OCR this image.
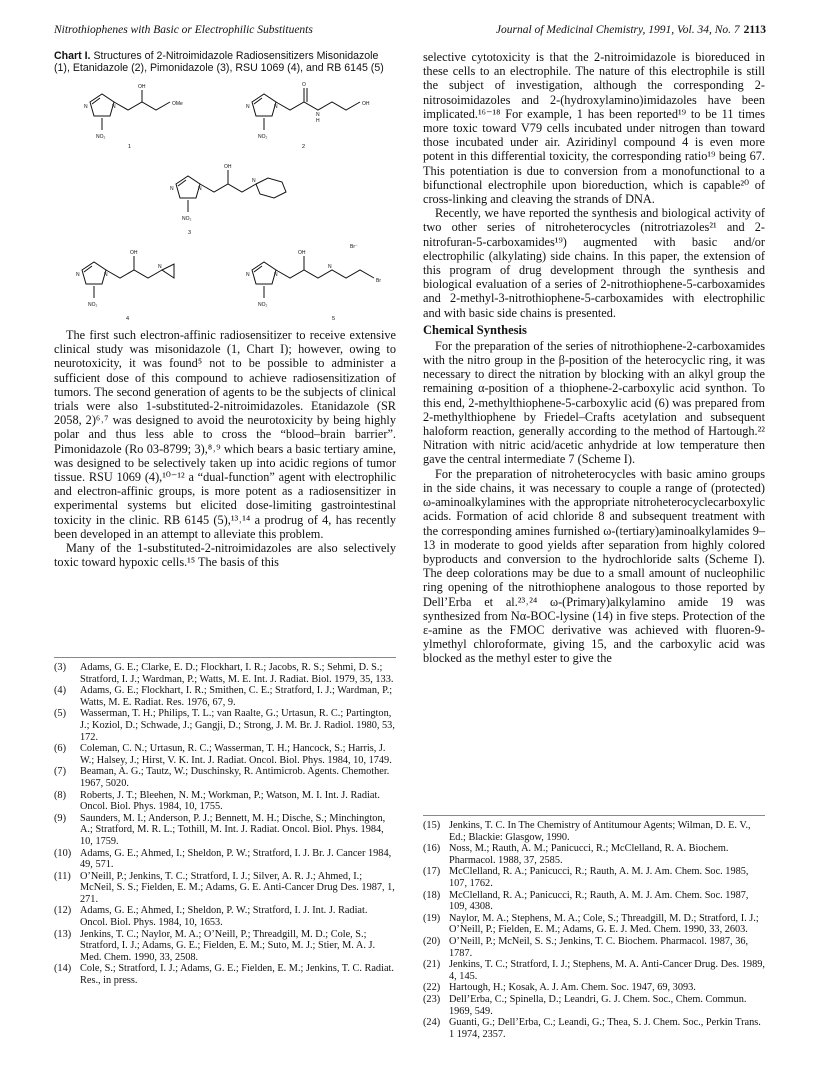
Nitrothiophenes with Basic or Electrophilic Substituents	Journal of Medicinal Chemistry, 1991, Vol. 34, No. 7 2113

Chart I. Structures of 2-Nitroimidazole Radiosensitizers Misonidazole (1), Etanidazole (2), Pimonidazole (3), RSU 1069 (4), and RB 6145 (5)

N	N
NO₂
OH
OMe
1
N	N
NO₂
O
N
H
OH
2
N	N
NO₂
OH
N
3
N	N
NO₂
OH
N
4
N	N
NO₂
OH
N
Br⁻
Br
5

The first such electron-affinic radiosensitizer to receive extensive clinical study was misonidazole (1, Chart I); however, owing to neurotoxicity, it was found⁵ not to be possible to administer a sufficient dose of this compound to achieve radiosensitization of tumors. The second generation of agents to be the subjects of clinical trials were also 1-substituted-2-nitroimidazoles. Etanidazole (SR 2058, 2)⁶˒⁷ was designed to avoid the neurotoxicity by being highly polar and thus less able to cross the “blood–brain barrier”. Pimonidazole (Ro 03-8799; 3),⁸˒⁹ which bears a basic tertiary amine, was designed to be selectively taken up into acidic regions of tumor tissue. RSU 1069 (4),¹⁰⁻¹² a “dual-function” agent with electrophilic and electron-affinic groups, is more potent as a radiosensitizer in experimental systems but elicited dose-limiting gastrointestinal toxicity in the clinic. RB 6145 (5),¹³˒¹⁴ a prodrug of 4, has recently been developed in an attempt to alleviate this problem.

Many of the 1-substituted-2-nitroimidazoles are also selectively toxic toward hypoxic cells.¹⁵ The basis of this

(3) Adams, G. E.; Clarke, E. D.; Flockhart, I. R.; Jacobs, R. S.; Sehmi, D. S.; Stratford, I. J.; Wardman, P.; Watts, M. E. Int. J. Radiat. Biol. 1979, 35, 133.

(4) Adams, G. E.; Flockhart, I. R.; Smithen, C. E.; Stratford, I. J.; Wardman, P.; Watts, M. E. Radiat. Res. 1976, 67, 9.

(5) Wasserman, T. H.; Philips, T. L.; van Raalte, G.; Urtasun, R. C.; Partington, J.; Koziol, D.; Schwade, J.; Gangji, D.; Strong, J. M. Br. J. Radiol. 1980, 53, 172.

(6) Coleman, C. N.; Urtasun, R. C.; Wasserman, T. H.; Hancock, S.; Harris, J. W.; Halsey, J.; Hirst, V. K. Int. J. Radiat. Oncol. Biol. Phys. 1984, 10, 1749.

(7) Beaman, A. G.; Tautz, W.; Duschinsky, R. Antimicrob. Agents. Chemother. 1967, 5020.

(8) Roberts, J. T.; Bleehen, N. M.; Workman, P.; Watson, M. I. Int. J. Radiat. Oncol. Biol. Phys. 1984, 10, 1755.

(9) Saunders, M. I.; Anderson, P. J.; Bennett, M. H.; Dische, S.; Minchington, A.; Stratford, M. R. L.; Tothill, M. Int. J. Radiat. Oncol. Biol. Phys. 1984, 10, 1759.

(10) Adams, G. E.; Ahmed, I.; Sheldon, P. W.; Stratford, I. J. Br. J. Cancer 1984, 49, 571.

(11) O’Neill, P.; Jenkins, T. C.; Stratford, I. J.; Silver, A. R. J.; Ahmed, I.; McNeil, S. S.; Fielden, E. M.; Adams, G. E. Anti-Cancer Drug Des. 1987, 1, 271.

(12) Adams, G. E.; Ahmed, I.; Sheldon, P. W.; Stratford, I. J. Int. J. Radiat. Oncol. Biol. Phys. 1984, 10, 1653.

(13) Jenkins, T. C.; Naylor, M. A.; O’Neill, P.; Threadgill, M. D.; Cole, S.; Stratford, I. J.; Adams, G. E.; Fielden, E. M.; Suto, M. J.; Stier, M. A. J. Med. Chem. 1990, 33, 2508.

(14) Cole, S.; Stratford, I. J.; Adams, G. E.; Fielden, E. M.; Jenkins, T. C. Radiat. Res., in press.

selective cytotoxicity is that the 2-nitroimidazole is bioreduced in these cells to an electrophile. The nature of this electrophile is still the subject of investigation, although the corresponding 2-nitrosoimidazoles and 2-(hydroxylamino)imidazoles have been implicated.¹⁶⁻¹⁸ For example, 1 has been reported¹⁹ to be 11 times more toxic toward V79 cells incubated under nitrogen than toward those incubated under air. Aziridinyl compound 4 is even more potent in this differential toxicity, the corresponding ratio¹⁹ being 67. This potentiation is due to conversion from a monofunctional to a bifunctional electrophile upon bioreduction, which is capable²⁰ of cross-linking and cleaving the strands of DNA.

Recently, we have reported the synthesis and biological activity of two other series of nitroheterocycles (nitrotriazoles²¹ and 2-nitrofuran-5-carboxamides¹⁹) augmented with basic and/or electrophilic (alkylating) side chains. In this paper, the extension of this program of drug development through the synthesis and biological evaluation of a series of 2-nitrothiophene-5-carboxamides and 2-methyl-3-nitrothiophene-5-carboxamides with electrophilic and with basic side chains is presented.

Chemical Synthesis

For the preparation of the series of nitrothiophene-2-carboxamides with the nitro group in the β-position of the heterocyclic ring, it was necessary to direct the nitration by blocking with an alkyl group the remaining α-position of a thiophene-2-carboxylic acid synthon. To this end, 2-methylthiophene-5-carboxylic acid (6) was prepared from 2-methylthiophene by Friedel–Crafts acetylation and subsequent haloform reaction, generally according to the method of Hartough.²² Nitration with nitric acid/acetic anhydride at low temperature then gave the central intermediate 7 (Scheme I).

For the preparation of nitroheterocycles with basic amino groups in the side chains, it was necessary to couple a range of (protected) ω-aminoalkylamines with the appropriate nitroheterocyclecarboxylic acids. Formation of acid chloride 8 and subsequent treatment with the corresponding amines furnished ω-(tertiary)aminoalkylamides 9–13 in moderate to good yields after separation from highly colored byproducts and conversion to the hydrochloride salts (Scheme I). The deep colorations may be due to a small amount of nucleophilic ring opening of the nitrothiophene analogous to those reported by Dell’Erba et al.²³˒²⁴ ω-(Primary)alkylamino amide 19 was synthesized from Nα-BOC-lysine (14) in five steps. Protection of the ε-amine as the FMOC derivative was achieved with fluoren-9-ylmethyl chloroformate, giving 15, and the carboxylic acid was blocked as the methyl ester to give the

(15) Jenkins, T. C. In The Chemistry of Antitumour Agents; Wilman, D. E. V., Ed.; Blackie: Glasgow, 1990.

(16) Noss, M.; Rauth, A. M.; Panicucci, R.; McClelland, R. A. Biochem. Pharmacol. 1988, 37, 2585.

(17) McClelland, R. A.; Panicucci, R.; Rauth, A. M. J. Am. Chem. Soc. 1985, 107, 1762.

(18) McClelland, R. A.; Panicucci, R.; Rauth, A. M. J. Am. Chem. Soc. 1987, 109, 4308.

(19) Naylor, M. A.; Stephens, M. A.; Cole, S.; Threadgill, M. D.; Stratford, I. J.; O’Neill, P.; Fielden, E. M.; Adams, G. E. J. Med. Chem. 1990, 33, 2603.

(20) O’Neill, P.; McNeil, S. S.; Jenkins, T. C. Biochem. Pharmacol. 1987, 36, 1787.

(21) Jenkins, T. C.; Stratford, I. J.; Stephens, M. A. Anti-Cancer Drug. Des. 1989, 4, 145.

(22) Hartough, H.; Kosak, A. J. Am. Chem. Soc. 1947, 69, 3093.

(23) Dell’Erba, C.; Spinella, D.; Leandri, G. J. Chem. Soc., Chem. Commun. 1969, 549.

(24) Guanti, G.; Dell’Erba, C.; Leandi, G.; Thea, S. J. Chem. Soc., Perkin Trans. 1 1974, 2357.
